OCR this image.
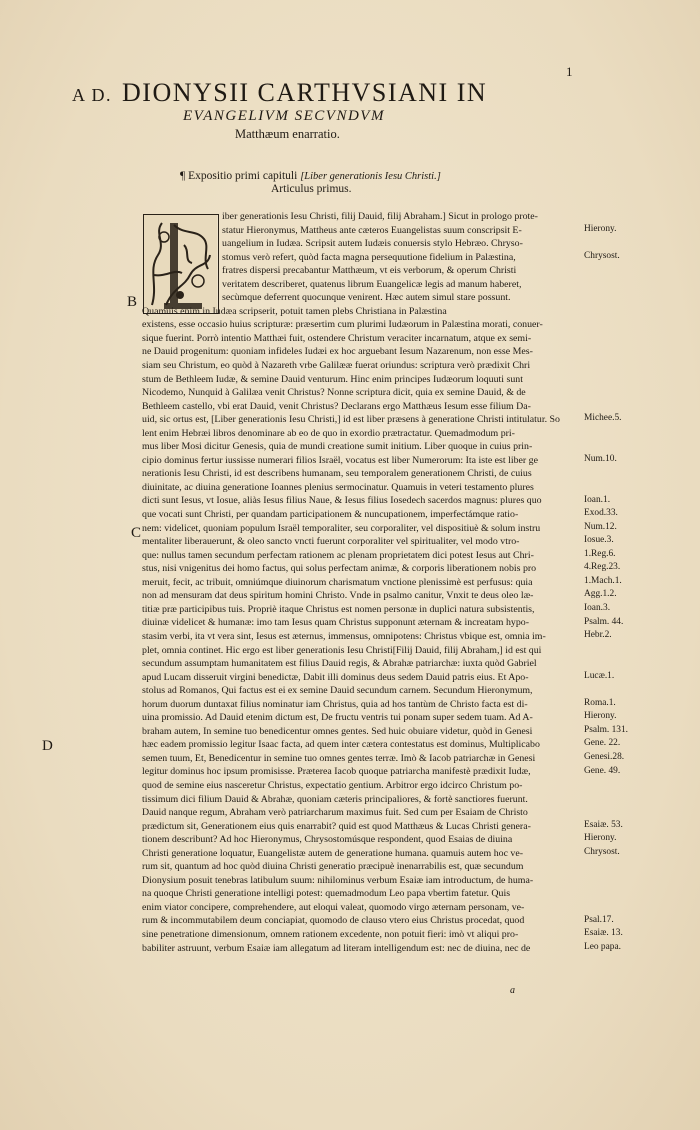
1
A D. DIONYSII CARTHVSIANI IN
EVANGELIVM SECVNDVM
Matthæum enarratio.
¶ Expositio primi capituli [Liber generationis Iesu Christi.]
Articulus primus.
B
C
D
iber generationis Iesu Christi, filij Dauid, filij Abraham.] Sicut in prologo prote-
statur Hieronymus, Mattheus ante cæteros Euangelistas suum conscripsit E-
uangelium in Iudæa. Scripsit autem Iudæis conuersis stylo Hebræo. Chryso-
stomus verò refert, quòd facta magna persequutione fidelium in Palæstina,
fratres dispersi precabantur Matthæum, vt eis verborum, & operum Christi
veritatem describeret, quatenus librum Euangelicæ legis ad manum haberet,
secùmque deferrent quocunque venirent. Hæc autem simul stare possunt.
Quamuis enim in Iudæa scripserit, potuit tamen plebs Christiana in Palæstina
existens, esse occasio huius scripturæ: præsertim cum plurimi Iudæorum in Palæstina morati, conuer-
sique fuerint. Porrò intentio Matthæi fuit, ostendere Christum veraciter incarnatum, atque ex semi-
ne Dauid progenitum: quoniam infideles Iudæi ex hoc arguebant Iesum Nazarenum, non esse Mes-
siam seu Christum, eo quòd à Nazareth vrbe Galilææ fuerat oriundus: scriptura verò prædixit Chri
stum de Bethleem Iudæ, & semine Dauid venturum. Hinc enim principes Iudæorum loquuti sunt
Nicodemo, Nunquid à Galilæa venit Christus? Nonne scriptura dicit, quia ex semine Dauid, & de
Bethleem castello, vbi erat Dauid, venit Christus? Declarans ergo Matthæus Iesum esse filium Da-
uid, sic ortus est, [Liber generationis Iesu Christi,] id est liber præsens à generatione Christi intitulatur. So
lent enim Hebræi libros denominare ab eo de quo in exordio prætractatur. Quemadmodum pri-
mus liber Mosi dicitur Genesis, quia de mundi creatione sumit initium. Liber quoque in cuius prin-
cipio dominus fertur iussisse numerari filios Israël, vocatus est liber Numerorum: Ita iste est liber ge
nerationis Iesu Christi, id est describens humanam, seu temporalem generationem Christi, de cuius
diuinitate, ac diuina generatione Ioannes plenius sermocinatur. Quamuis in veteri testamento plures
dicti sunt Iesus, vt Iosue, aliàs Iesus filius Naue, & Iesus filius Iosedech sacerdos magnus: plures quo
que vocati sunt Christi, per quandam participationem & nuncupationem, imperfectámque ratio-
nem: videlicet, quoniam populum Israël temporaliter, seu corporaliter, vel dispositiuè & solum instru
mentaliter liberauerunt, & oleo sancto vncti fuerunt corporaliter vel spiritualiter, vel modo vtro-
que: nullus tamen secundum perfectam rationem ac plenam proprietatem dici potest Iesus aut Chri-
stus, nisi vnigenitus dei homo factus, qui solus perfectam animæ, & corporis liberationem nobis pro
meruit, fecit, ac tribuit, omniúmque diuinorum charismatum vnctione plenissimè est perfusus: quia
non ad mensuram dat deus spiritum homini Christo. Vnde in psalmo canitur, Vnxit te deus oleo læ-
titiæ præ participibus tuis. Propriè itaque Christus est nomen personæ in duplici natura subsistentis,
diuinæ videlicet & humanæ: imo tam Iesus quam Christus supponunt æternam & increatam hypo-
stasim verbi, ita vt vera sint, Iesus est æternus, immensus, omnipotens: Christus vbique est, omnia im-
plet, omnia continet. Hic ergo est liber generationis Iesu Christi[Filij Dauid, filij Abraham,] id est qui
secundum assumptam humanitatem est filius Dauid regis, & Abrahæ patriarchæ: iuxta quòd Gabriel
apud Lucam disseruit virgini benedictæ, Dabit illi dominus deus sedem Dauid patris eius. Et Apo-
stolus ad Romanos, Qui factus est ei ex semine Dauid secundum carnem. Secundum Hieronymum,
horum duorum duntaxat filius nominatur iam Christus, quia ad hos tantùm de Christo facta est di-
uina promissio. Ad Dauid etenim dictum est, De fructu ventris tui ponam super sedem tuam. Ad A-
braham autem, In semine tuo benedicentur omnes gentes. Sed huic obuiare videtur, quòd in Genesi
hæc eadem promissio legitur Isaac facta, ad quem inter cætera contestatus est dominus, Multiplicabo
semen tuum, Et, Benedicentur in semine tuo omnes gentes terræ. Imò & Iacob patriarchæ in Genesi
legitur dominus hoc ipsum promisisse. Præterea Iacob quoque patriarcha manifestè prædixit Iudæ,
quod de semine eius nasceretur Christus, expectatio gentium. Arbitror ergo idcirco Christum po-
tissimum dici filium Dauid & Abrahæ, quoniam cæteris principaliores, & fortè sanctiores fuerunt.
Dauid nanque regum, Abraham verò patriarcharum maximus fuit. Sed cum per Esaiam de Christo
prædictum sit, Generationem eius quis enarrabit? quid est quod Matthæus & Lucas Christi genera-
tionem describunt? Ad hoc Hieronymus, Chrysostomúsque respondent, quod Esaias de diuina
Christi generatione loquatur, Euangelistæ autem de generatione humana. quamuis autem hoc ve-
rum sit, quantum ad hoc quòd diuina Christi generatio præcipuè inenarrabilis est, quæ secundum
Dionysium posuit tenebras latibulum suum: nihilominus verbum Esaiæ iam introductum, de huma-
na quoque Christi generatione intelligi potest: quemadmodum Leo papa vbertim fatetur. Quis
enim viator concipere, comprehendere, aut eloqui valeat, quomodo virgo æternam personam, ve-
rum & incommutabilem deum conciapiat, quomodo de clauso vtero eius Christus procedat, quod
sine penetratione dimensionum, omnem rationem excedente, non potuit fieri: imò vt aliqui pro-
babiliter astruunt, verbum Esaiæ iam allegatum ad literam intelligendum est: nec de diuina, nec de
Hierony.
Chrysost.
Michee.5.
Num.10.
Ioan.1.
Exod.33.
Num.12.
Iosue.3.
1.Reg.6.
4.Reg.23.
1.Mach.1.
Agg.1.2.
Ioan.3.
Psalm. 44.
Hebr.2.
Lucæ.1.
Roma.1.
Hierony.
Psalm. 131.
Gene. 22.
Genesi.28.
Gene. 49.
Esaiæ. 53.
Hierony.
Chrysost.
Psal.17.
Esaiæ. 13.
Leo papa.
a
